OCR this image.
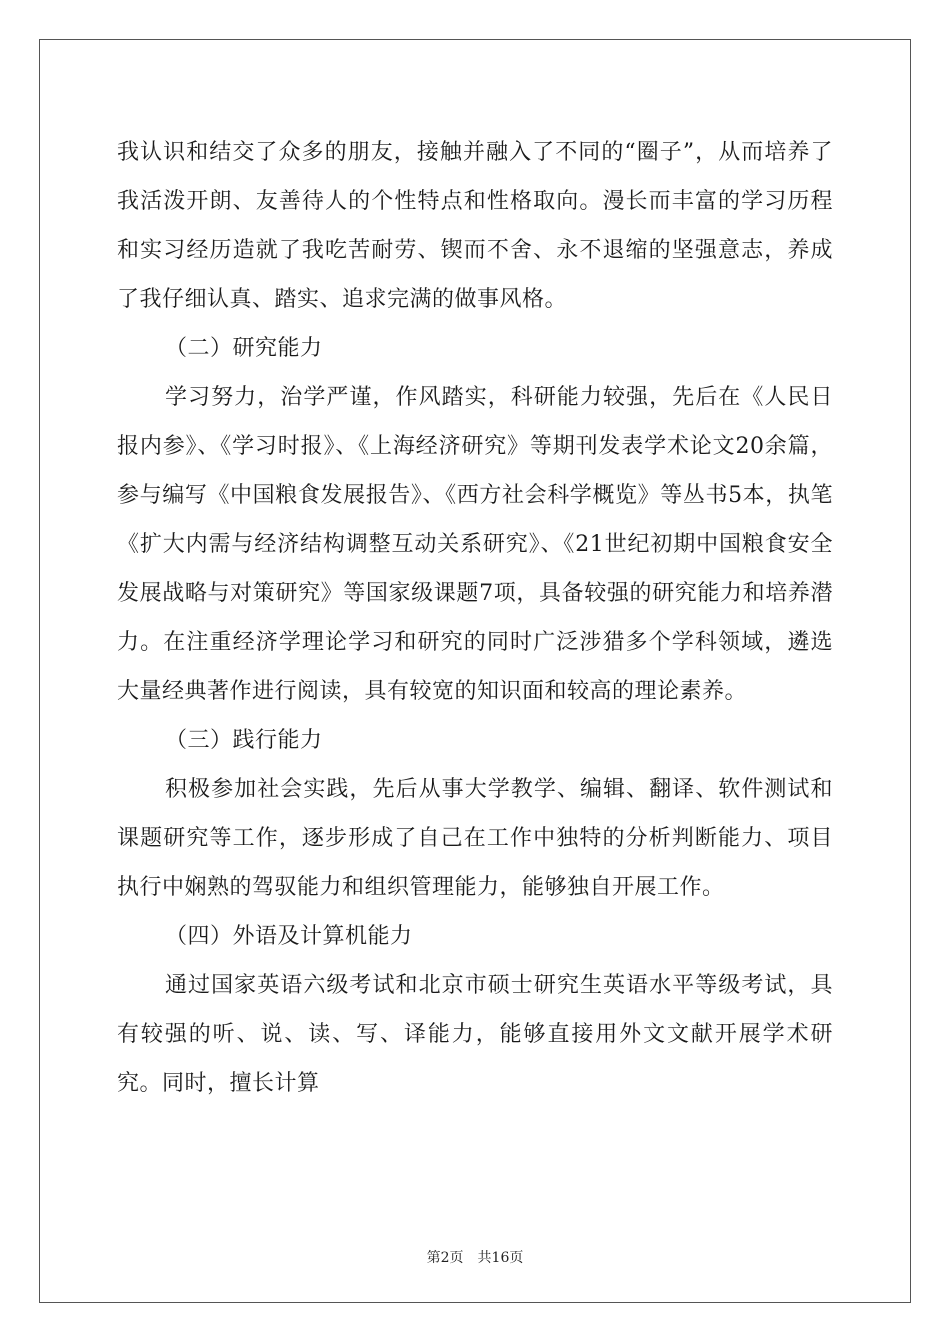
我认识和结交了众多的朋友，接触并融入了不同的“圈子”，从而培养了我活泼开朗、友善待人的个性特点和性格取向。漫长而丰富的学习历程和实习经历造就了我吃苦耐劳、锲而不舍、永不退缩的坚强意志，养成了我仔细认真、踏实、追求完满的做事风格。

（二）研究能力

学习努力，治学严谨，作风踏实，科研能力较强，先后在《人民日报内参》、《学习时报》、《上海经济研究》等期刊发表学术论文20余篇，参与编写《中国粮食发展报告》、《西方社会科学概览》等丛书5本，执笔《扩大内需与经济结构调整互动关系研究》、《21世纪初期中国粮食安全发展战略与对策研究》等国家级课题7项，具备较强的研究能力和培养潜力。在注重经济学理论学习和研究的同时广泛涉猎多个学科领域，遴选大量经典著作进行阅读，具有较宽的知识面和较高的理论素养。

（三）践行能力

积极参加社会实践，先后从事大学教学、编辑、翻译、软件测试和课题研究等工作，逐步形成了自己在工作中独特的分析判断能力、项目执行中娴熟的驾驭能力和组织管理能力，能够独自开展工作。

（四）外语及计算机能力

通过国家英语六级考试和北京市硕士研究生英语水平等级考试，具有较强的听、说、读、写、译能力，能够直接用外文文献开展学术研究。同时，擅长计算

第2页 共16页
